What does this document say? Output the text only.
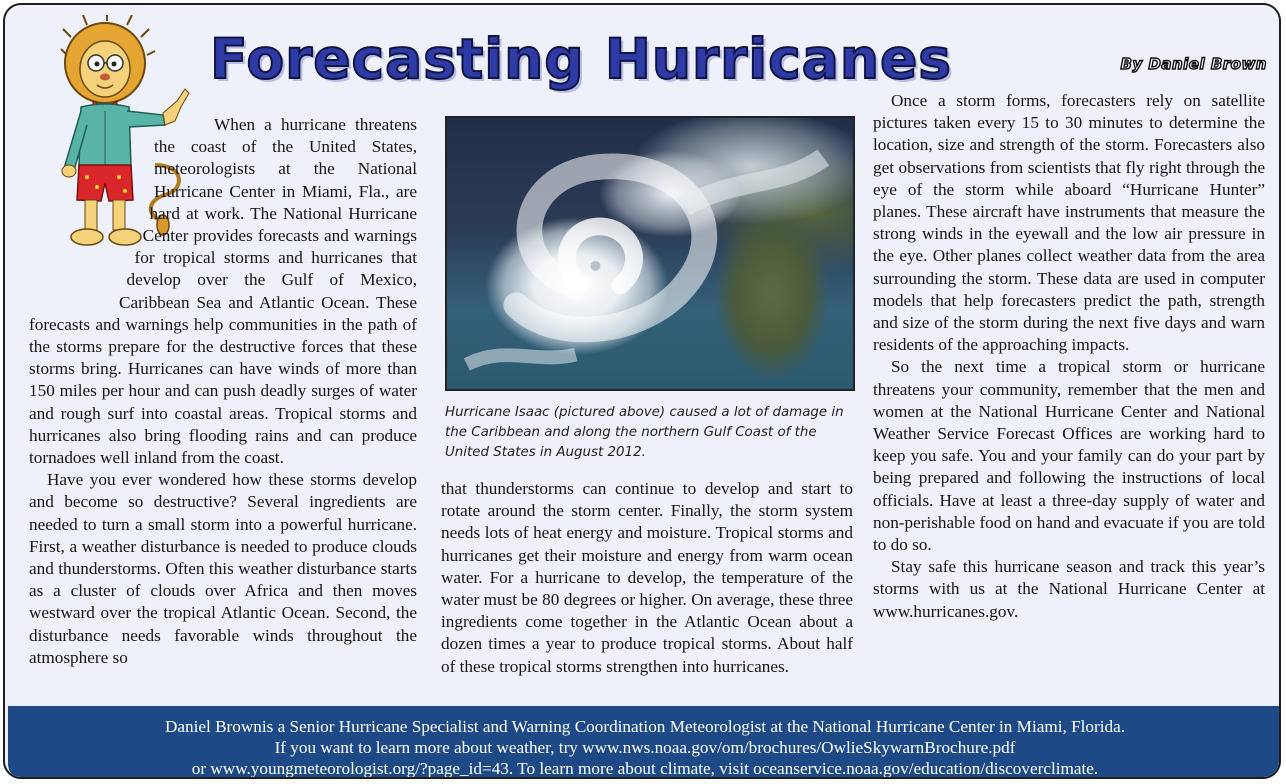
Forecasting Hurricanes	By Daniel Brown

When a hurricane threatens the coast of the United States, meteorologists at the National Hurricane Center in Miami, Fla., are hard at work. The National Hurricane Center provides forecasts and warnings for tropical storms and hurricanes that develop over the Gulf of Mexico, Caribbean Sea and Atlantic Ocean. These forecasts and warnings help communities in the path of the storms prepare for the destructive forces that these storms bring. Hurricanes can have winds of more than 150 miles per hour and can push deadly surges of water and rough surf into coastal areas. Tropical storms and hurricanes also bring flooding rains and can produce tornadoes well inland from the coast.

Have you ever wondered how these storms develop and become so destructive? Several ingredients are needed to turn a small storm into a powerful hurricane. First, a weather disturbance is needed to produce clouds and thunderstorms. Often this weather disturbance starts as a cluster of clouds over Africa and then moves westward over the tropical Atlantic Ocean. Second, the disturbance needs favorable winds throughout the atmosphere so

Hurricane Isaac (pictured above) caused a lot of damage in the Caribbean and along the northern Gulf Coast of the United States in August 2012.

that thunderstorms can continue to develop and start to rotate around the storm center. Finally, the storm system needs lots of heat energy and moisture. Tropical storms and hurricanes get their moisture and energy from warm ocean water. For a hurricane to develop, the temperature of the water must be 80 degrees or higher. On average, these three ingredients come together in the Atlantic Ocean about a dozen times a year to produce tropical storms. About half of these tropical storms strengthen into hurricanes.

Once a storm forms, forecasters rely on satellite pictures taken every 15 to 30 minutes to determine the location, size and strength of the storm. Forecasters also get observations from scientists that fly right through the eye of the storm while aboard “Hurricane Hunter” planes. These aircraft have instruments that measure the strong winds in the eyewall and the low air pressure in the eye. Other planes collect weather data from the area surrounding the storm. These data are used in computer models that help forecasters predict the path, strength and size of the storm during the next five days and warn residents of the approaching impacts.

So the next time a tropical storm or hurricane threatens your community, remember that the men and women at the National Hurricane Center and National Weather Service Forecast Offices are working hard to keep you safe. You and your family can do your part by being prepared and following the instructions of local officials. Have at least a three-day supply of water and non-perishable food on hand and evacuate if you are told to do so.

Stay safe this hurricane season and track this year’s storms with us at the National Hurricane Center at www.hurricanes.gov.

Daniel Brownis a Senior Hurricane Specialist and Warning Coordination Meteorologist at the National Hurricane Center in Miami, Florida.
If you want to learn more about weather, try www.nws.noaa.gov/om/brochures/OwlieSkywarnBrochure.pdf
or www.youngmeteorologist.org/?page_id=43. To learn more about climate, visit oceanservice.noaa.gov/education/discoverclimate.
